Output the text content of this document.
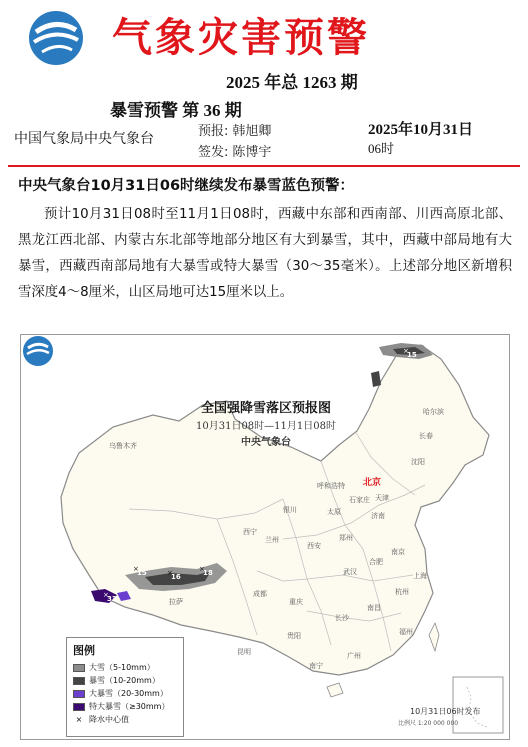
气象灾害预警
2025 年总 1263 期
暴雪预警 第 36 期
中国气象局中央气象台	预报: 韩旭卿
签发: 陈博宇
2025年10月31日
06时
中央气象台10月31日06时继续发布暴雪蓝色预警：
预计10月31日08时至11月1日08时，西藏中东部和西南部、川西高原北部、黑龙江西北部、内蒙古东北部等地部分地区有大到暴雪，其中，西藏中部局地有大暴雪，西藏西南部局地有大暴雪或特大暴雪（30～35毫米）。上述部分地区新增积雪深度4～8厘米，山区局地可达15厘米以上。
×	×	×
×
×
全国强降雪落区预报图
10月31日08时—11月1日08时
中央气象台
乌鲁木齐
哈尔滨
长春
沈阳
北京
天津
呼和浩特
太原
石家庄
济南
银川
西宁
兰州
西安
郑州
合肥
南京
上海
武汉
杭州
成都
重庆
长沙
南昌
福州
贵阳
昆明
南宁
广州
拉萨
15	16	18
33
15
图例
大雪（5-10mm）
暴雪（10-20mm）
大暴雪（20-30mm）
特大暴雪（≥30mm）
× 降水中心值
10月31日06时发布
比例尺 1:20 000 000
